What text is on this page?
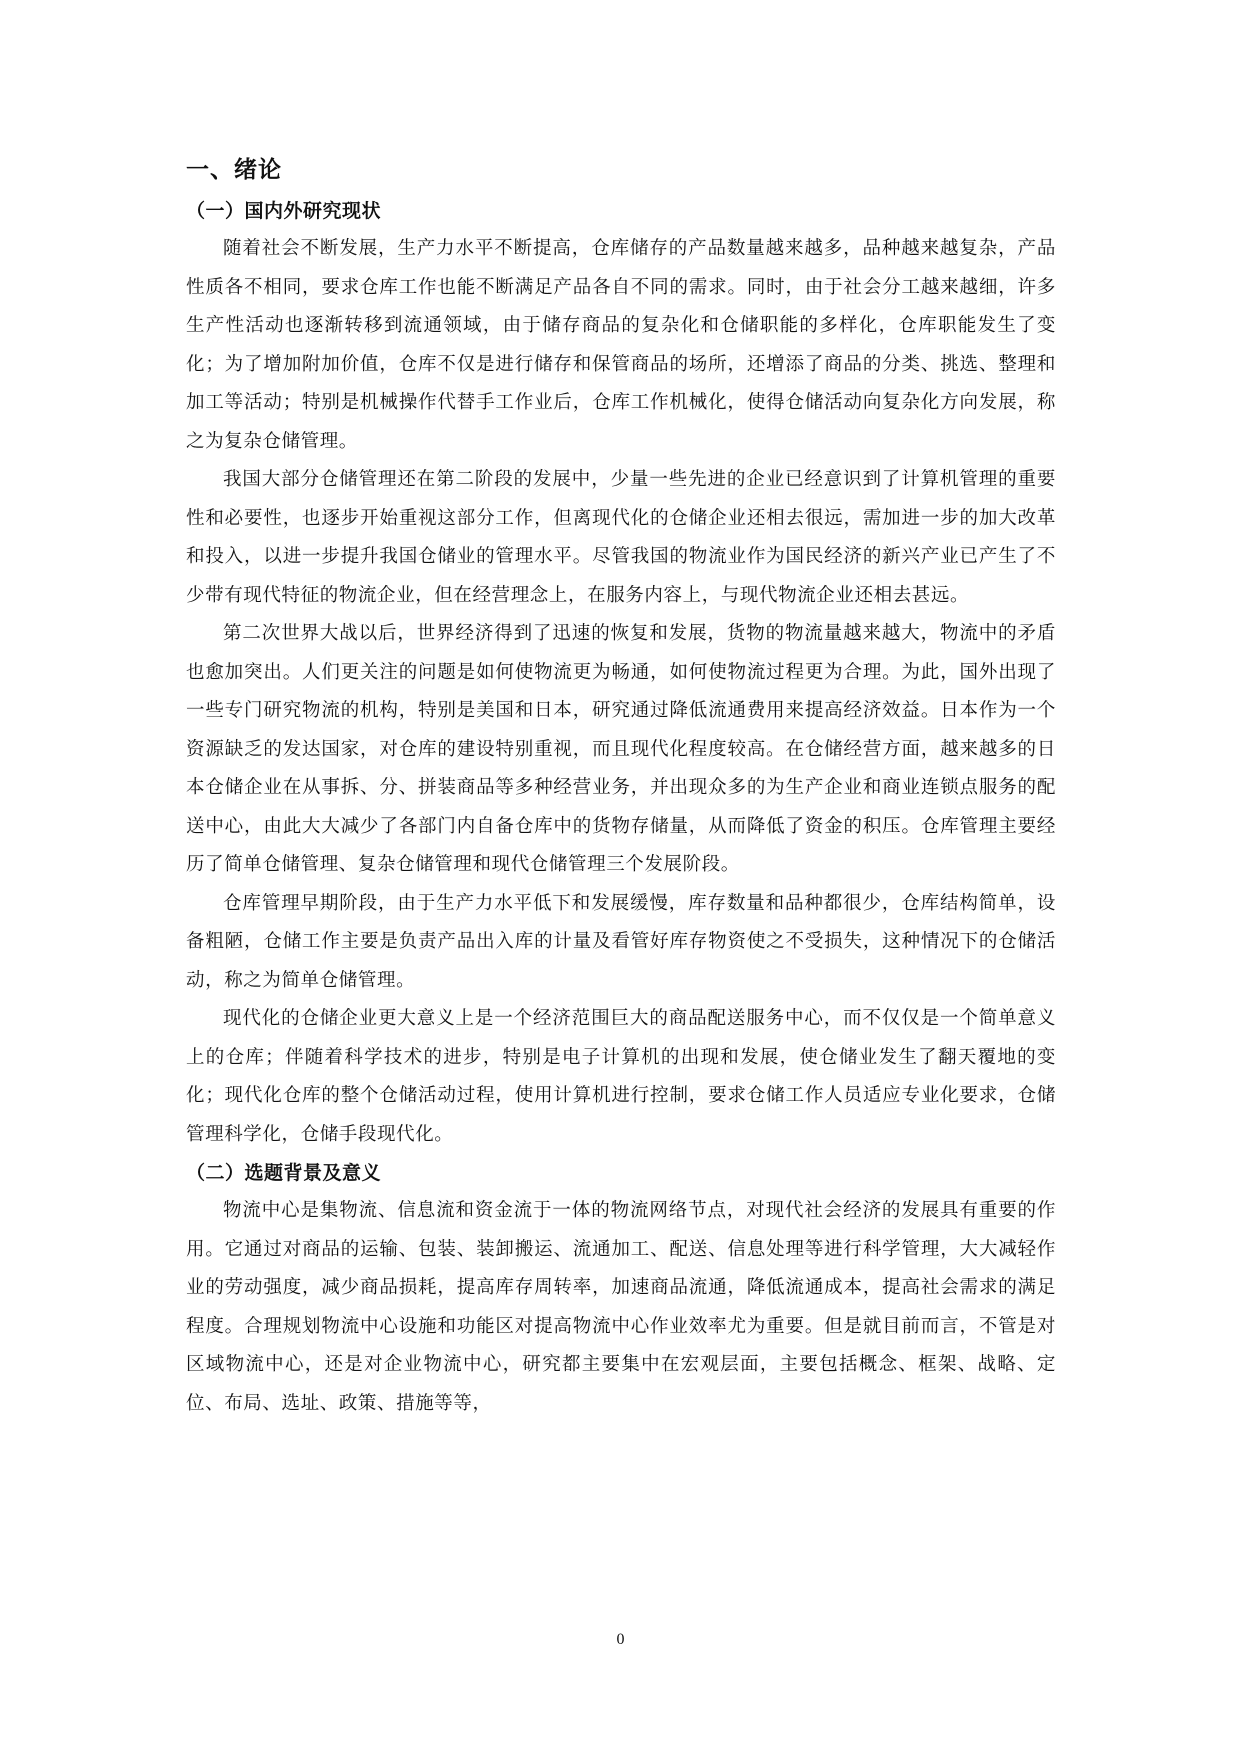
一、绪论
（一）国内外研究现状

随着社会不断发展，生产力水平不断提高，仓库储存的产品数量越来越多，品种越来越复杂，产品性质各不相同，要求仓库工作也能不断满足产品各自不同的需求。同时，由于社会分工越来越细，许多生产性活动也逐渐转移到流通领域，由于储存商品的复杂化和仓储职能的多样化，仓库职能发生了变化；为了增加附加价值，仓库不仅是进行储存和保管商品的场所，还增添了商品的分类、挑选、整理和加工等活动；特别是机械操作代替手工作业后，仓库工作机械化，使得仓储活动向复杂化方向发展，称之为复杂仓储管理。

我国大部分仓储管理还在第二阶段的发展中，少量一些先进的企业已经意识到了计算机管理的重要性和必要性，也逐步开始重视这部分工作，但离现代化的仓储企业还相去很远，需加进一步的加大改革和投入，以进一步提升我国仓储业的管理水平。尽管我国的物流业作为国民经济的新兴产业已产生了不少带有现代特征的物流企业，但在经营理念上，在服务内容上，与现代物流企业还相去甚远。

第二次世界大战以后，世界经济得到了迅速的恢复和发展，货物的物流量越来越大，物流中的矛盾也愈加突出。人们更关注的问题是如何使物流更为畅通，如何使物流过程更为合理。为此，国外出现了一些专门研究物流的机构，特别是美国和日本，研究通过降低流通费用来提高经济效益。日本作为一个资源缺乏的发达国家，对仓库的建设特别重视，而且现代化程度较高。在仓储经营方面，越来越多的日本仓储企业在从事拆、分、拼装商品等多种经营业务，并出现众多的为生产企业和商业连锁点服务的配送中心，由此大大减少了各部门内自备仓库中的货物存储量，从而降低了资金的积压。仓库管理主要经历了简单仓储管理、复杂仓储管理和现代仓储管理三个发展阶段。

仓库管理早期阶段，由于生产力水平低下和发展缓慢，库存数量和品种都很少，仓库结构简单，设备粗陋，仓储工作主要是负责产品出入库的计量及看管好库存物资使之不受损失，这种情况下的仓储活动，称之为简单仓储管理。

现代化的仓储企业更大意义上是一个经济范围巨大的商品配送服务中心，而不仅仅是一个简单意义上的仓库；伴随着科学技术的进步，特别是电子计算机的出现和发展，使仓储业发生了翻天覆地的变化；现代化仓库的整个仓储活动过程，使用计算机进行控制，要求仓储工作人员适应专业化要求，仓储管理科学化，仓储手段现代化。

（二）选题背景及意义

物流中心是集物流、信息流和资金流于一体的物流网络节点，对现代社会经济的发展具有重要的作用。它通过对商品的运输、包装、装卸搬运、流通加工、配送、信息处理等进行科学管理，大大减轻作业的劳动强度，减少商品损耗，提高库存周转率，加速商品流通，降低流通成本，提高社会需求的满足程度。合理规划物流中心设施和功能区对提高物流中心作业效率尤为重要。但是就目前而言，不管是对区域物流中心，还是对企业物流中心，研究都主要集中在宏观层面，主要包括概念、框架、战略、定位、布局、选址、政策、措施等等，

0
